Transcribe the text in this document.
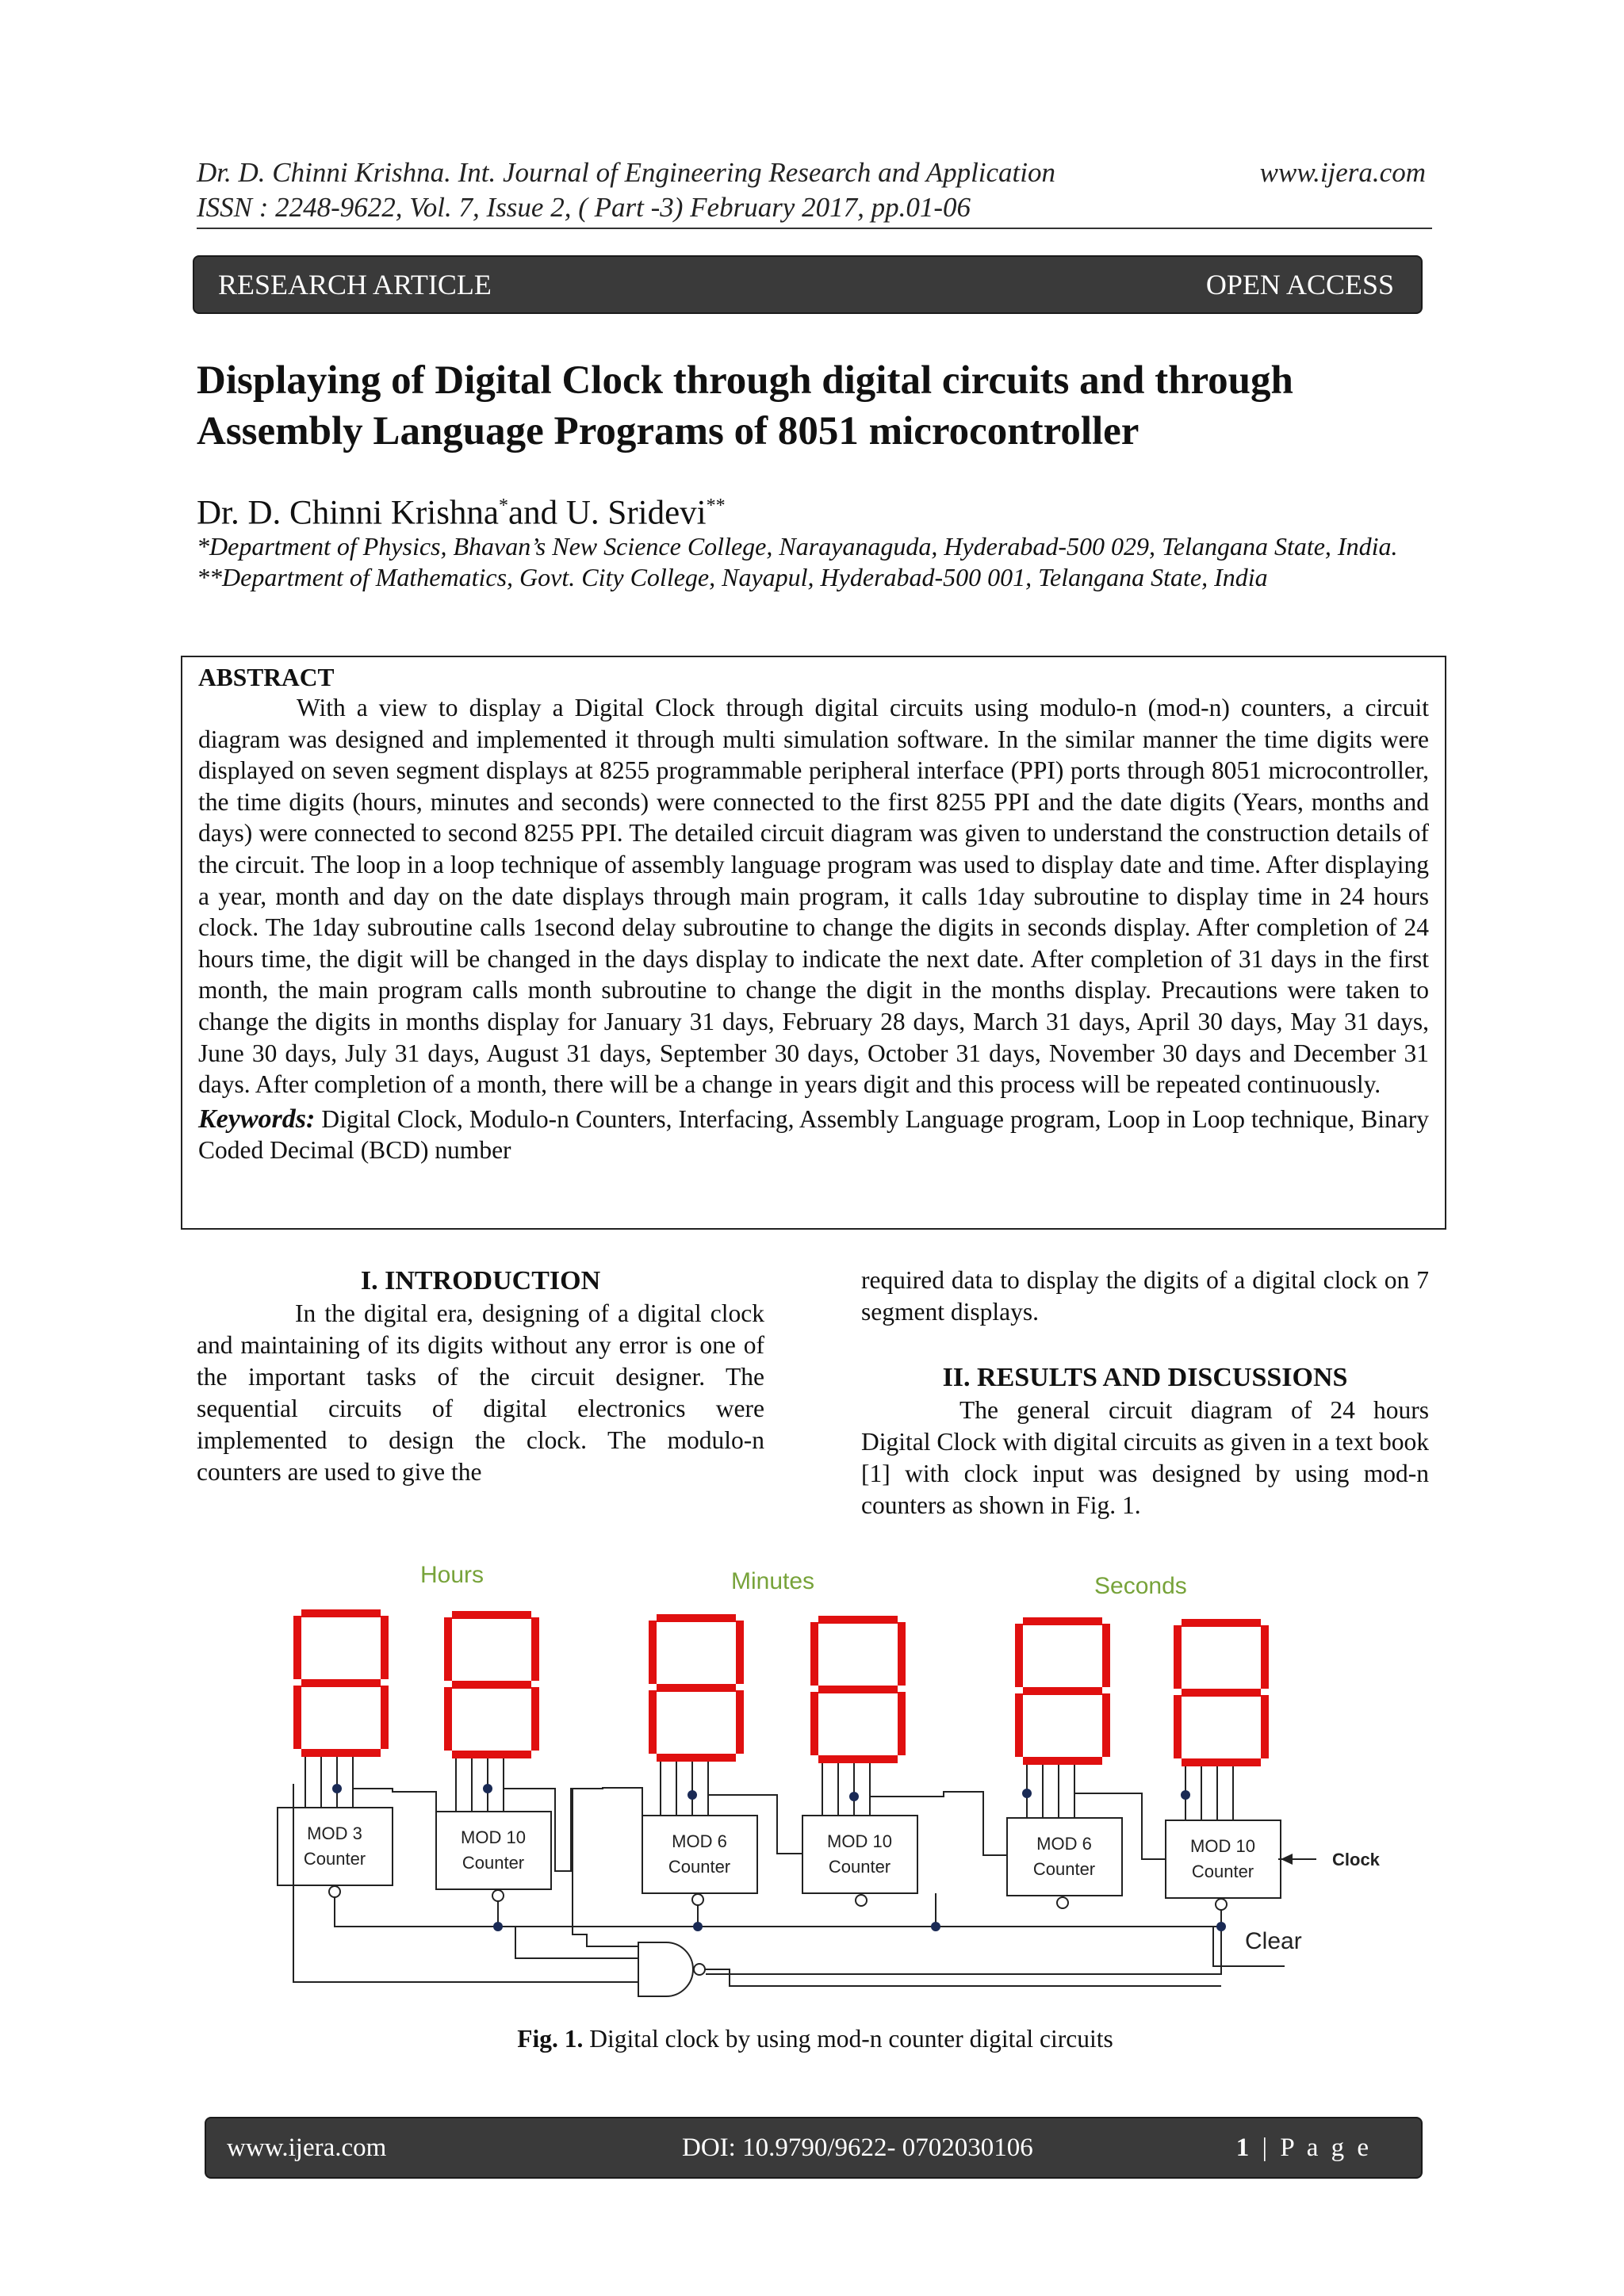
Dr. D. Chinni Krishna. Int. Journal of Engineering Research and Application	www.ijera.com
ISSN : 2248-9622, Vol. 7, Issue 2, ( Part -3) February 2017, pp.01-06
RESEARCH ARTICLE	OPEN ACCESS
Displaying of Digital Clock through digital circuits and through Assembly Language Programs of 8051 microcontroller
Dr. D. Chinni Krishna*and U. Sridevi**
*Department of Physics, Bhavan’s New Science College, Narayanaguda, Hyderabad-500 029, Telangana State, India.
**Department of Mathematics, Govt. City College, Nayapul, Hyderabad-500 001, Telangana State, India
ABSTRACT

With a view to display a Digital Clock through digital circuits using modulo-n (mod-n) counters, a circuit diagram was designed and implemented it through multi simulation software. In the similar manner the time digits were displayed on seven segment displays at 8255 programmable peripheral interface (PPI) ports through 8051 microcontroller, the time digits (hours, minutes and seconds) were connected to the first 8255 PPI and the date digits (Years, months and days) were connected to second 8255 PPI. The detailed circuit diagram was given to understand the construction details of the circuit. The loop in a loop technique of assembly language program was used to display date and time. After displaying a year, month and day on the date displays through main program, it calls 1day subroutine to display time in 24 hours clock. The 1day subroutine calls 1second delay subroutine to change the digits in seconds display. After completion of 24 hours time, the digit will be changed in the days display to indicate the next date. After completion of 31 days in the first month, the main program calls month subroutine to change the digit in the months display. Precautions were taken to change the digits in months display for January 31 days, February 28 days, March 31 days, April 30 days, May 31 days, June 30 days, July 31 days, August 31 days, September 30 days, October 31 days, November 30 days and December 31 days. After completion of a month, there will be a change in years digit and this process will be repeated continuously.

Keywords: Digital Clock, Modulo-n Counters, Interfacing, Assembly Language program, Loop in Loop technique, Binary Coded Decimal (BCD) number
I. INTRODUCTION

In the digital era, designing of a digital clock and maintaining of its digits without any error is one of the important tasks of the circuit designer. The sequential circuits of digital electronics were implemented to design the clock. The modulo-n counters are used to give the

required data to display the digits of a digital clock on 7 segment displays.

II. RESULTS AND DISCUSSIONS

The general circuit diagram of 24 hours Digital Clock with digital circuits as given in a text book [1] with clock input was designed by using mod-n counters as shown in Fig. 1.

Hours	Minutes	Seconds
MOD 3
Counter
MOD 10
Counter
MOD 6
Counter
MOD 10
Counter
MOD 6
Counter
MOD 10
Counter
Clock
Clear
Fig. 1. Digital clock by using mod-n counter digital circuits
www.ijera.com	DOI: 10.9790/9622- 0702030106	1 | P a g e
